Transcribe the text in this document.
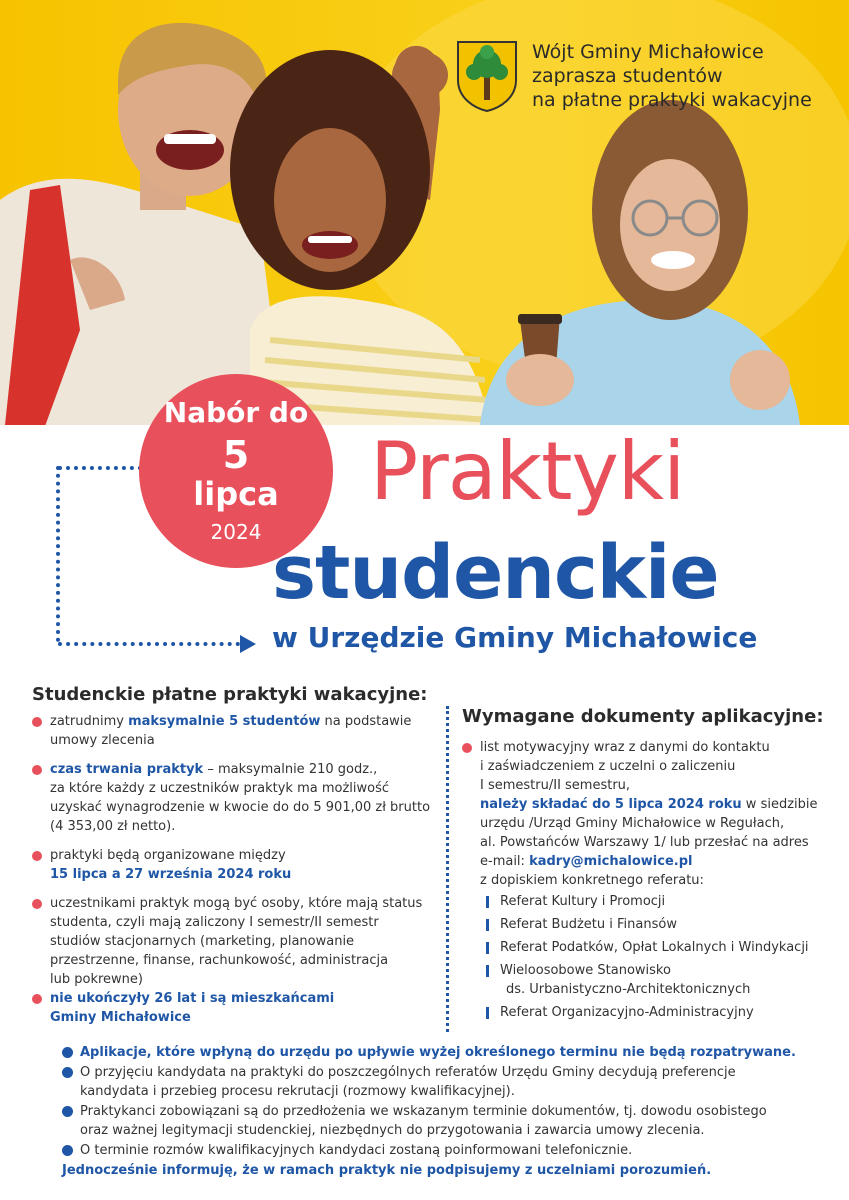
Wójt Gminy Michałowice
zaprasza studentów
na płatne praktyki wakacyjne
Nabór do
5
lipca
2024
Praktyki
studenckie
w Urzędzie Gminy Michałowice
Studenckie płatne praktyki wakacyjne:
zatrudnimy maksymalnie 5 studentów na podstawie
umowy zlecenia
czas trwania praktyk – maksymalnie 210 godz.,
za które każdy z uczestników praktyk ma możliwość
uzyskać wynagrodzenie w kwocie do do 5 901,00 zł brutto
(4 353,00 zł netto).
praktyki będą organizowane między
15 lipca a 27 września 2024 roku
uczestnikami praktyk mogą być osoby, które mają status
studenta, czyli mają zaliczony I semestr/II semestr
studiów stacjonarnych (marketing, planowanie
przestrzenne, finanse, rachunkowość, administracja
lub pokrewne)
nie ukończyły 26 lat i są mieszkańcami
Gminy Michałowice
Wymagane dokumenty aplikacyjne:
list motywacyjny wraz z danymi do kontaktu
i zaświadczeniem z uczelni o zaliczeniu
I semestru/II semestru,
należy składać do 5 lipca 2024 roku w siedzibie
urzędu /Urząd Gminy Michałowice w Regułach,
al. Powstańców Warszawy 1/ lub przesłać na adres
e-mail: kadry@michalowice.pl
z dopiskiem konkretnego referatu:
Referat Kultury i Promocji
Referat Budżetu i Finansów
Referat Podatków, Opłat Lokalnych i Windykacji
Wieloosobowe Stanowisko
ds. Urbanistyczno-Architektonicznych
Referat Organizacyjno-Administracyjny
Aplikacje, które wpłyną do urzędu po upływie wyżej określonego terminu nie będą rozpatrywane.
O przyjęciu kandydata na praktyki do poszczególnych referatów Urzędu Gminy decydują preferencje
kandydata i przebieg procesu rekrutacji (rozmowy kwalifikacyjnej).
Praktykanci zobowiązani są do przedłożenia we wskazanym terminie dokumentów, tj. dowodu osobistego
oraz ważnej legitymacji studenckiej, niezbędnych do przygotowania i zawarcia umowy zlecenia.
O terminie rozmów kwalifikacyjnych kandydaci zostaną poinformowani telefonicznie.
Jednocześnie informuję, że w ramach praktyk nie podpisujemy z uczelniami porozumień.
